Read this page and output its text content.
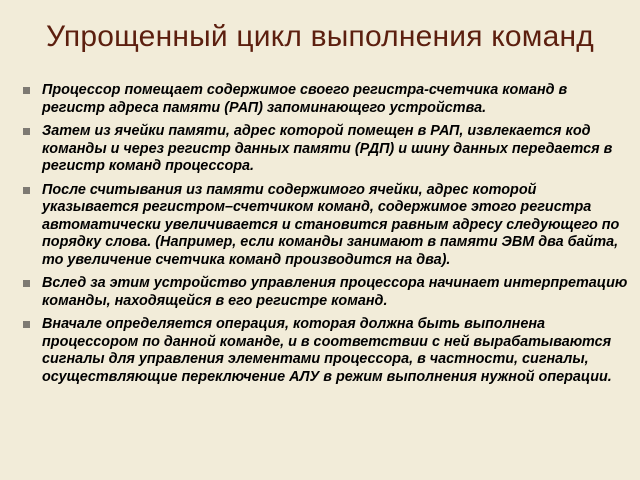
Упрощенный цикл выполнения команд
Процессор помещает содержимое своего регистра-счетчика команд в регистр адреса памяти (РАП) запоминающего устройства.
Затем из ячейки памяти, адрес которой помещен в РАП, извлекается код команды и через регистр данных памяти (РДП) и шину данных передается в регистр команд процессора.
После считывания из памяти содержимого ячейки, адрес которой указывается регистром–счетчиком команд, содержимое этого регистра автоматически увеличивается и становится равным адресу следующего по порядку слова. (Например, если команды занимают в памяти ЭВМ два байта, то увеличение счетчика команд производится на два).
Вслед за этим устройство управления процессора начинает интерпретацию команды, находящейся в его регистре команд.
Вначале определяется операция, которая должна быть выполнена процессором по данной команде, и в соответствии с ней вырабатываются сигналы для управления элементами процессора, в частности, сигналы, осуществляющие переключение АЛУ в режим выполнения нужной операции.
